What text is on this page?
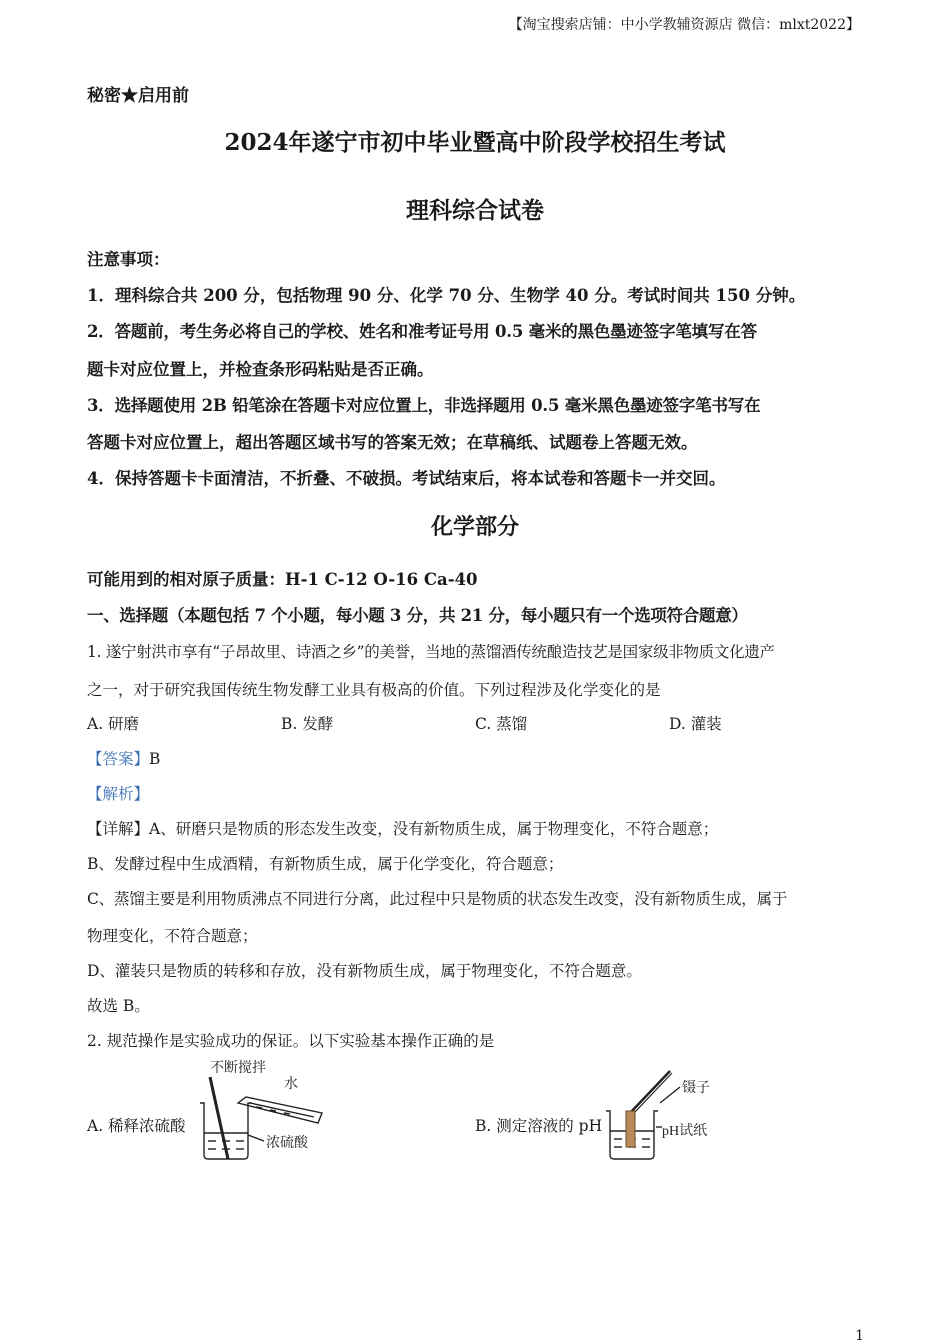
【淘宝搜索店铺：中小学教辅资源店 微信：mlxt2022】
秘密★启用前
2024年遂宁市初中毕业暨高中阶段学校招生考试
理科综合试卷
注意事项：
1．理科综合共 200 分，包括物理 90 分、化学 70 分、生物学 40 分。考试时间共 150 分钟。
2．答题前，考生务必将自己的学校、姓名和准考证号用 0.5 毫米的黑色墨迹签字笔填写在答
题卡对应位置上，并检查条形码粘贴是否正确。
3．选择题使用 2B 铅笔涂在答题卡对应位置上，非选择题用 0.5 毫米黑色墨迹签字笔书写在
答题卡对应位置上，超出答题区域书写的答案无效；在草稿纸、试题卷上答题无效。
4．保持答题卡卡面清洁，不折叠、不破损。考试结束后，将本试卷和答题卡一并交回。
化学部分
可能用到的相对原子质量：H-1 C-12 O-16 Ca-40
一、选择题（本题包括 7 个小题，每小题 3 分，共 21 分，每小题只有一个选项符合题意）
1. 遂宁射洪市享有“子昂故里、诗酒之乡”的美誉，当地的蒸馏酒传统酿造技艺是国家级非物质文化遗产
之一，对于研究我国传统生物发酵工业具有极高的价值。下列过程涉及化学变化的是
A. 研磨	B. 发酵	C. 蒸馏	D. 灌装
【答案】B
【解析】
【详解】A、研磨只是物质的形态发生改变，没有新物质生成，属于物理变化，不符合题意；
B、发酵过程中生成酒精，有新物质生成，属于化学变化，符合题意；
C、蒸馏主要是利用物质沸点不同进行分离，此过程中只是物质的状态发生改变，没有新物质生成，属于
物理变化，不符合题意；
D、灌装只是物质的转移和存放，没有新物质生成，属于物理变化，不符合题意。
故选 B。
2. 规范操作是实验成功的保证。以下实验基本操作正确的是
A. 稀释浓硫酸
不断搅拌
水
浓硫酸
B. 测定溶液的 pH
镊子
pH试纸
1
